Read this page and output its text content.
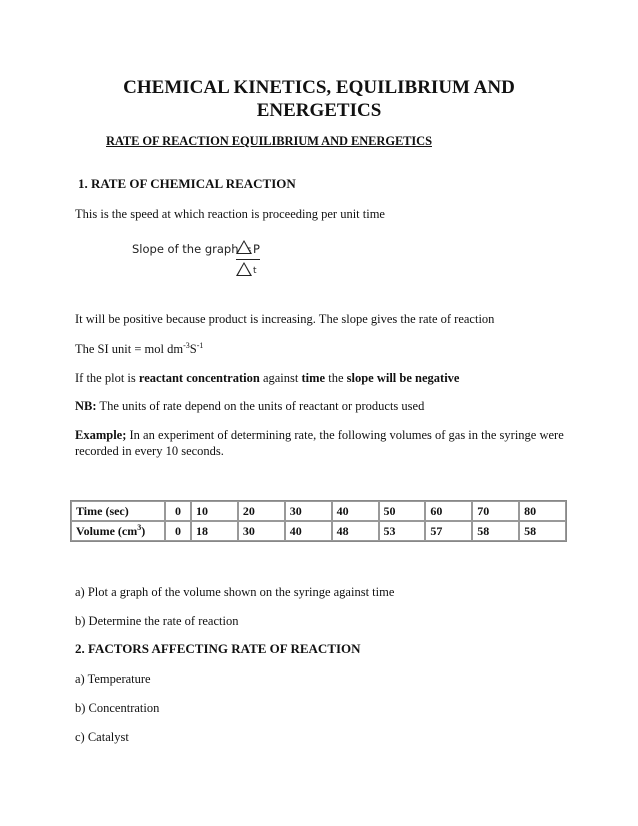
CHEMICAL KINETICS, EQUILIBRIUM AND
ENERGETICS
RATE OF REACTION EQUILIBRIUM AND ENERGETICS
1. RATE OF CHEMICAL REACTION
This is the speed at which reaction is proceeding per unit time
Slope of the graph = P
t
It will be positive because product is increasing. The slope gives the rate of reaction
The SI unit = mol $dm^{-3}S^{-1}$
If the plot is reactant concentration against time the slope will be negative
NB: The units of rate depend on the units of reactant or products used
Example; In an experiment of determining rate, the following volumes of gas in the syringe were recorded in every 10 seconds.
Time (sec)	0	10	20	30	40	50	60	70	80
Volume $(cm^3)$	0	18	30	40	48	53	57	58	58
a) Plot a graph of the volume shown on the syringe against time
b) Determine the rate of reaction
2. FACTORS AFFECTING RATE OF REACTION
a) Temperature
b) Concentration
c) Catalyst
